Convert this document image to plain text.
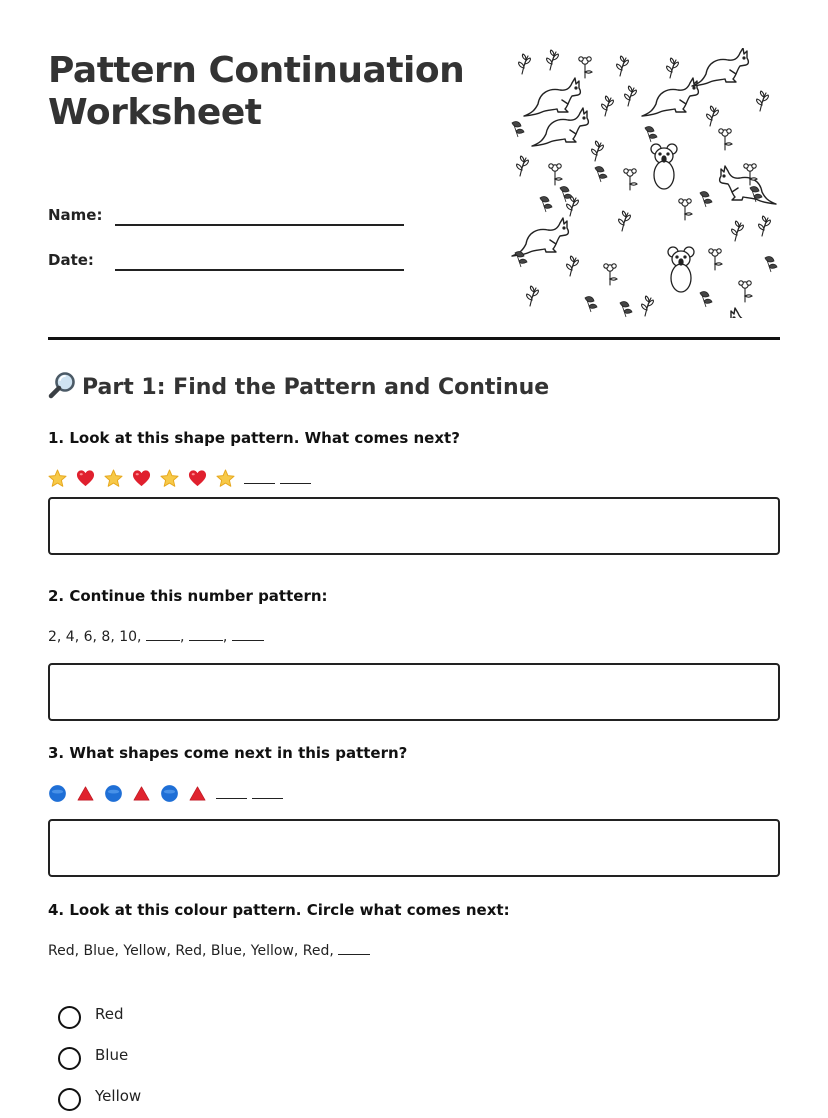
Pattern Continuation Worksheet
Name:
Date:
Part 1: Find the Pattern and Continue
1. Look at this shape pattern. What comes next?

2. Continue this number pattern:
2, 4, 6, 8, 10,	,	,
3. What shapes come next in this pattern?

4. Look at this colour pattern. Circle what comes next:
Red, Blue, Yellow, Red, Blue, Yellow, Red,
Red
Blue
Yellow
